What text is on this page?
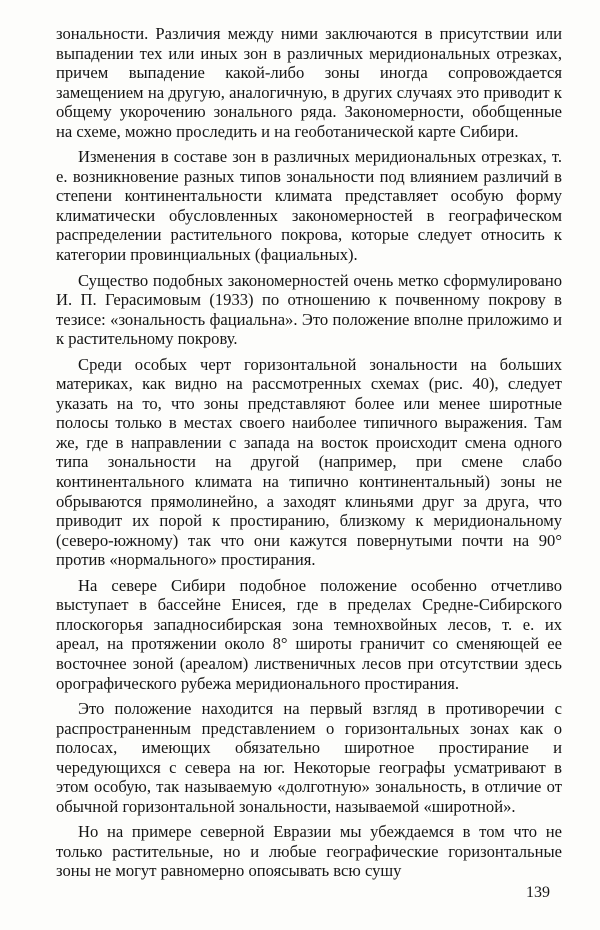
зональности. Различия между ними заключаются в присутствии или выпадении тех или иных зон в различных меридиональных отрезках, причем выпадение какой-либо зоны иногда сопровождается замещением на другую, аналогичную, в других случаях это приводит к общему укорочению зонального ряда. Закономерности, обобщенные на схеме, можно проследить и на геоботанической карте Сибири.

Изменения в составе зон в различных меридиональных отрезках, т. е. возникновение разных типов зональности под влиянием различий в степени континентальности климата представляет особую форму климатически обусловленных закономерностей в географическом распределении растительного покрова, которые следует относить к категории провинциальных (фациальных).

Существо подобных закономерностей очень метко сформулировано И. П. Герасимовым (1933) по отношению к почвенному покрову в тезисе: «зональность фациальна». Это положение вполне приложимо и к растительному покрову.

Среди особых черт горизонтальной зональности на больших материках, как видно на рассмотренных схемах (рис. 40), следует указать на то, что зоны представляют более или менее широтные полосы только в местах своего наиболее типичного выражения. Там же, где в направлении с запада на восток происходит смена одного типа зональности на другой (например, при смене слабо континентального климата на типично континентальный) зоны не обрываются прямолинейно, а заходят клиньями друг за друга, что приводит их порой к простиранию, близкому к меридиональному (северо-южному) так что они кажутся повернутыми почти на 90° против «нормального» простирания.

На севере Сибири подобное положение особенно отчетливо выступает в бассейне Енисея, где в пределах Средне-Сибирского плоскогорья западносибирская зона темнохвойных лесов, т. е. их ареал, на протяжении около 8° широты граничит со сменяющей ее восточнее зоной (ареалом) лиственичных лесов при отсутствии здесь орографического рубежа меридионального простирания.

Это положение находится на первый взгляд в противоречии с распространенным представлением о горизонтальных зонах как о полосах, имеющих обязательно широтное простирание и чередующихся с севера на юг. Некоторые географы усматривают в этом особую, так называемую «долготную» зональность, в отличие от обычной горизонтальной зональности, называемой «широтной».

Но на примере северной Евразии мы убеждаемся в том что не только растительные, но и любые географические горизонтальные зоны не могут равномерно опоясывать всю сушу

139
